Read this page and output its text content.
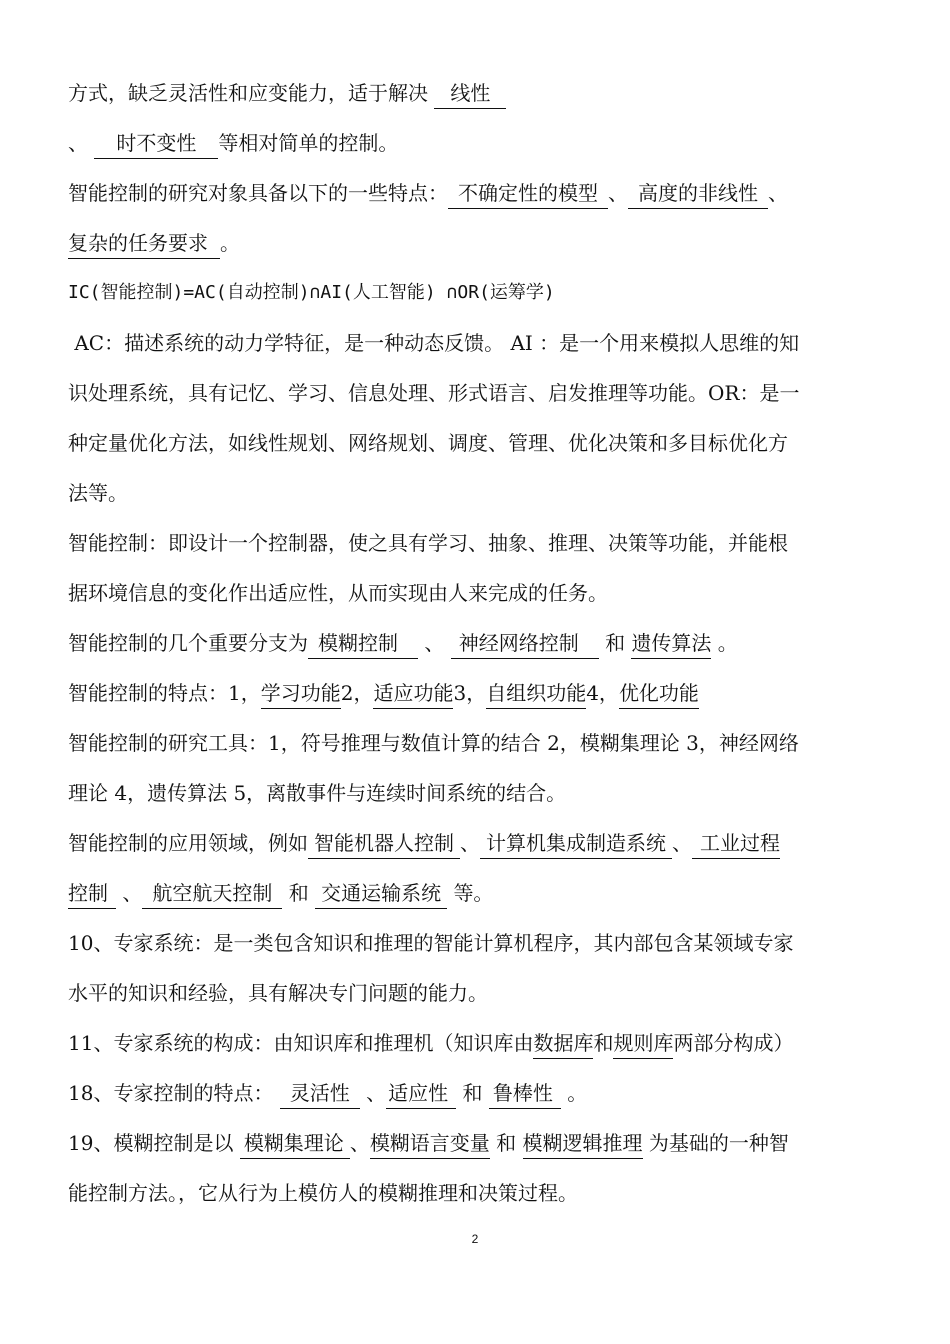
方式，缺乏灵活性和应变能力，适于解决 线性
、 时不变性 等相对简单的控制。
智能控制的研究对象具备以下的一些特点： 不确定性的模型 、 高度的非线性 、
复杂的任务要求 。
IC(智能控制)=AC(自动控制)∩AI(人工智能) ∩OR(运筹学)
AC：描述系统的动力学特征，是一种动态反馈。 AI ：是一个用来模拟人思维的知
识处理系统，具有记忆、学习、信息处理、形式语言、启发推理等功能。OR：是一
种定量优化方法，如线性规划、网络规划、调度、管理、优化决策和多目标优化方
法等。
智能控制：即设计一个控制器，使之具有学习、抽象、推理、决策等功能，并能根
据环境信息的变化作出适应性，从而实现由人来完成的任务。
智能控制的几个重要分支为 模糊控制 、 神经网络控制 和 遗传算法 。
智能控制的特点：1，学习功能2，适应功能3，自组织功能4，优化功能
智能控制的研究工具：1，符号推理与数值计算的结合 2，模糊集理论 3，神经网络
理论 4，遗传算法 5，离散事件与连续时间系统的结合。
智能控制的应用领域，例如 智能机器人控制 、 计算机集成制造系统 、 工业过程
控制 、 航空航天控制 和 交通运输系统 等。
10、专家系统：是一类包含知识和推理的智能计算机程序，其内部包含某领域专家
水平的知识和经验，具有解决专门问题的能力。
11、专家系统的构成：由知识库和推理机（知识库由数据库和规则库两部分构成）
18、专家控制的特点： 灵活性 、 适应性 和 鲁棒性 。
19、模糊控制是以 模糊集理论 、模糊语言变量 和 模糊逻辑推理 为基础的一种智
能控制方法。，它从行为上模仿人的模糊推理和决策过程。
2
